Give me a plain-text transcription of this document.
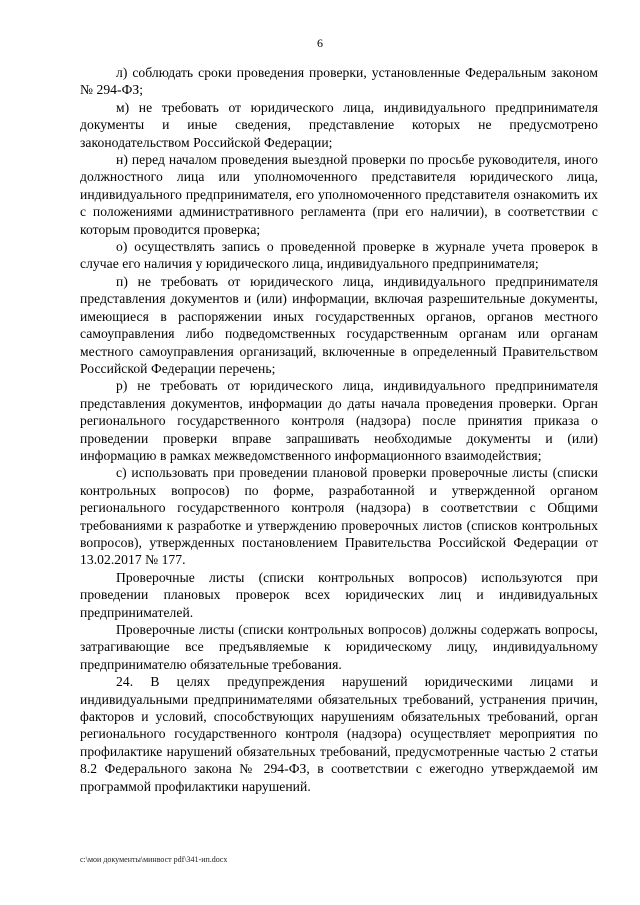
6

л) соблюдать сроки проведения проверки, установленные Федеральным законом № 294-ФЗ;

м) не требовать от юридического лица, индивидуального предпринимателя документы и иные сведения, представление которых не предусмотрено законодательством Российской Федерации;

н) перед началом проведения выездной проверки по просьбе руководителя, иного должностного лица или уполномоченного представителя юридического лица, индивидуального предпринимателя, его уполномоченного представителя ознакомить их с положениями административного регламента (при его наличии), в соответствии с которым проводится проверка;

о) осуществлять запись о проведенной проверке в журнале учета проверок в случае его наличия у юридического лица, индивидуального предпринимателя;

п) не требовать от юридического лица, индивидуального предпринимателя представления документов и (или) информации, включая разрешительные документы, имеющиеся в распоряжении иных государственных органов, органов местного самоуправления либо подведомственных государственным органам или органам местного самоуправления организаций, включенные в определенный Правительством Российской Федерации перечень;

р) не требовать от юридического лица, индивидуального предпринимателя представления документов, информации до даты начала проведения проверки. Орган регионального государственного контроля (надзора) после принятия приказа о проведении проверки вправе запрашивать необходимые документы и (или) информацию в рамках межведомственного информационного взаимодействия;

с) использовать при проведении плановой проверки проверочные листы (списки контрольных вопросов) по форме, разработанной и утвержденной органом регионального государственного контроля (надзора) в соответствии с Общими требованиями к разработке и утверждению проверочных листов (списков контрольных вопросов), утвержденных постановлением Правительства Российской Федерации от 13.02.2017 № 177.

Проверочные листы (списки контрольных вопросов) используются при проведении плановых проверок всех юридических лиц и индивидуальных предпринимателей.

Проверочные листы (списки контрольных вопросов) должны содержать вопросы, затрагивающие все предъявляемые к юридическому лицу, индивидуальному предпринимателю обязательные требования.

24. В целях предупреждения нарушений юридическими лицами и индивидуальными предпринимателями обязательных требований, устранения причин, факторов и условий, способствующих нарушениям обязательных требований, орган регионального государственного контроля (надзора) осуществляет мероприятия по профилактике нарушений обязательных требований, предусмотренные частью 2 статьи 8.2 Федерального закона № 294-ФЗ, в соответствии с ежегодно утверждаемой им программой профилактики нарушений.

c:\мои документы\минвост pdf\341-ип.docx
